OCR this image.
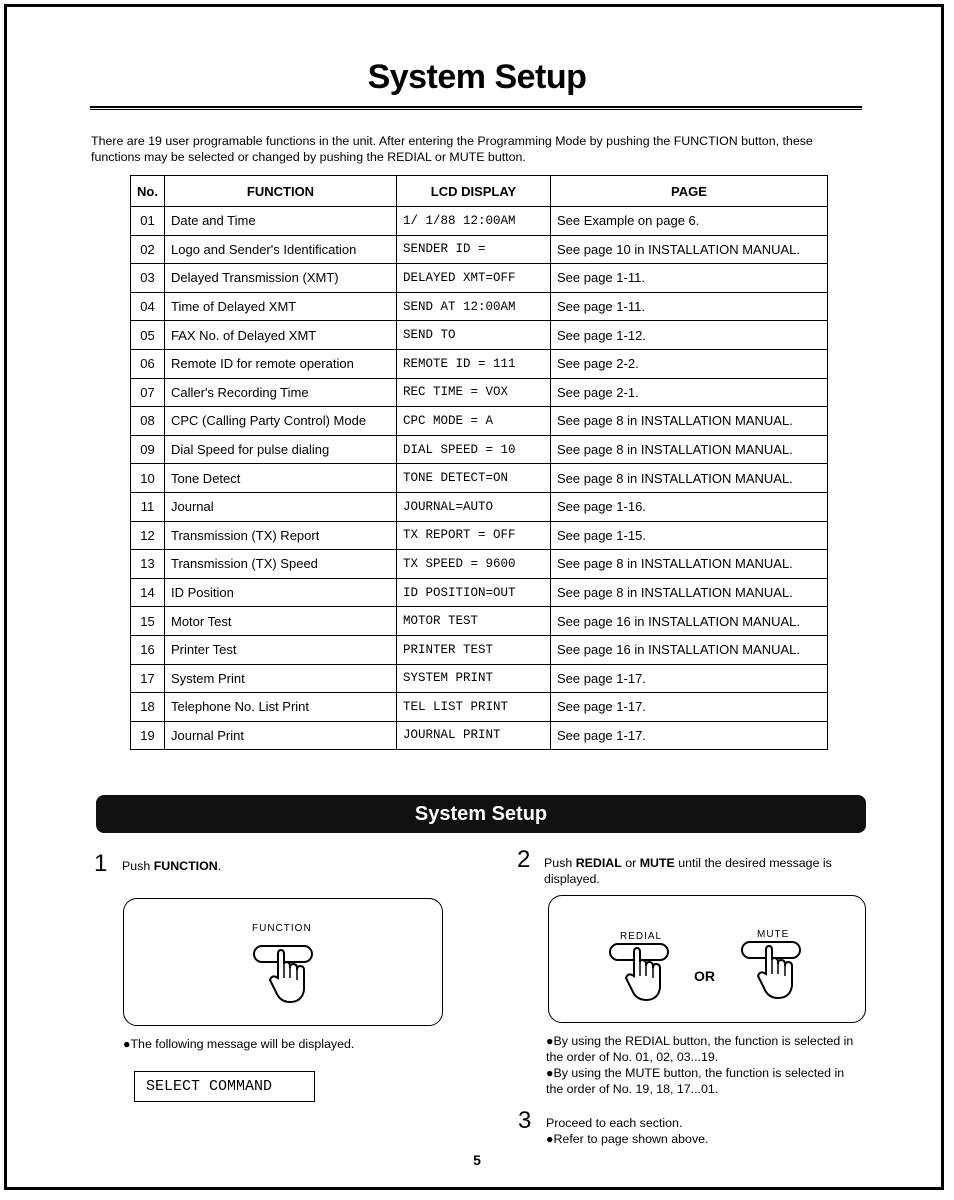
System Setup
There are 19 user programable functions in the unit. After entering the Programming Mode by pushing the FUNCTION button, these functions may be selected or changed by pushing the REDIAL or MUTE button.
No.	FUNCTION	LCD DISPLAY	PAGE
01	Date and Time	1/ 1/88 12:00AM	See Example on page 6.
02	Logo and Sender's Identification	SENDER ID =	See page 10 in INSTALLATION MANUAL.
03	Delayed Transmission (XMT)	DELAYED XMT=OFF	See page 1-11.
04	Time of Delayed XMT	SEND AT 12:00AM	See page 1-11.
05	FAX No. of Delayed XMT	SEND TO	See page 1-12.
06	Remote ID for remote operation	REMOTE ID = 111	See page 2-2.
07	Caller's Recording Time	REC TIME = VOX	See page 2-1.
08	CPC (Calling Party Control) Mode	CPC MODE = A	See page 8 in INSTALLATION MANUAL.
09	Dial Speed for pulse dialing	DIAL SPEED = 10	See page 8 in INSTALLATION MANUAL.
10	Tone Detect	TONE DETECT=ON	See page 8 in INSTALLATION MANUAL.
11	Journal	JOURNAL=AUTO	See page 1-16.
12	Transmission (TX) Report	TX REPORT = OFF	See page 1-15.
13	Transmission (TX) Speed	TX SPEED = 9600	See page 8 in INSTALLATION MANUAL.
14	ID Position	ID POSITION=OUT	See page 8 in INSTALLATION MANUAL.
15	Motor Test	MOTOR TEST	See page 16 in INSTALLATION MANUAL.
16	Printer Test	PRINTER TEST	See page 16 in INSTALLATION MANUAL.
17	System Print	SYSTEM PRINT	See page 1-17.
18	Telephone No. List Print	TEL LIST PRINT	See page 1-17.
19	Journal Print	JOURNAL PRINT	See page 1-17.
System Setup
1 Push FUNCTION.
FUNCTION
●The following message will be displayed.
SELECT COMMAND
2 Push REDIAL or MUTE until the desired message is displayed.
REDIAL
OR
MUTE
●By using the REDIAL button, the function is selected in the order of No. 01, 02, 03...19.
●By using the MUTE button, the function is selected in the order of No. 19, 18, 17...01.
3 Proceed to each section.
●Refer to page shown above.
5
